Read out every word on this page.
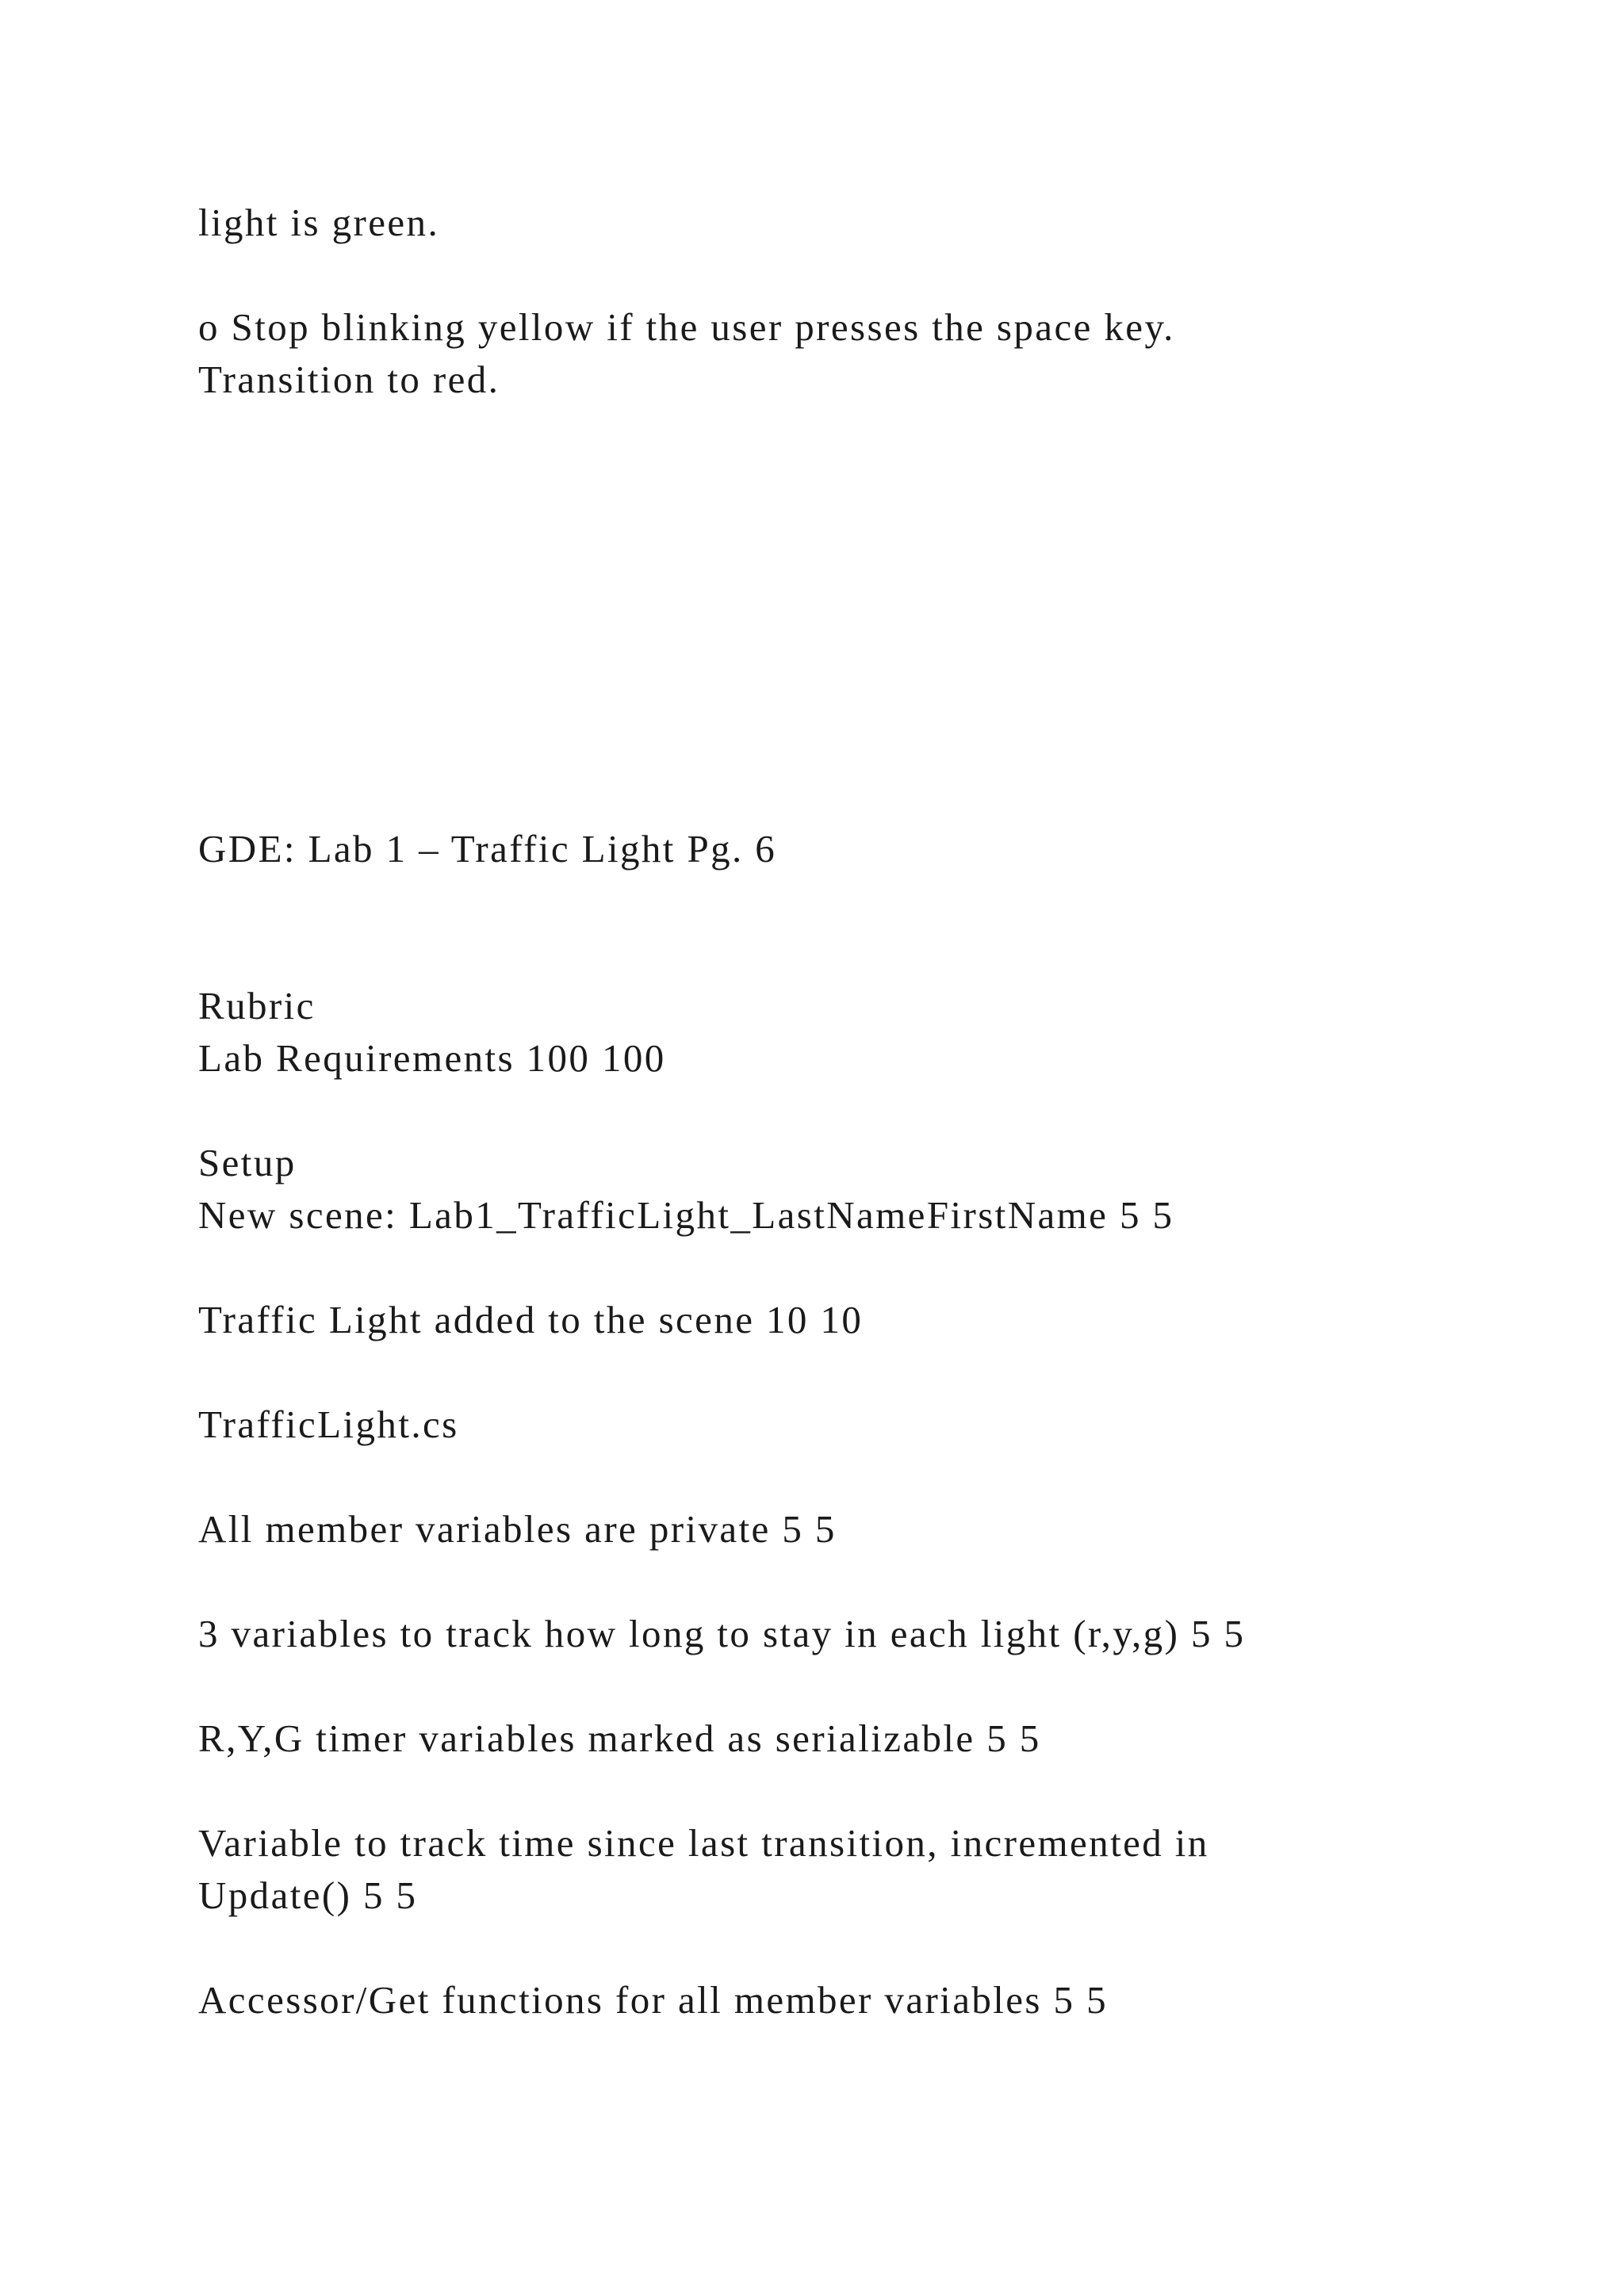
light is green.

o Stop blinking yellow if the user presses the space key.

Transition to red.

GDE: Lab 1 – Traffic Light Pg. 6

Rubric

Lab Requirements 100 100

Setup

New scene: Lab1_TrafficLight_LastNameFirstName 5 5

Traffic Light added to the scene 10 10

TrafficLight.cs

All member variables are private 5 5

3 variables to track how long to stay in each light (r,y,g) 5 5

R,Y,G timer variables marked as serializable 5 5

Variable to track time since last transition, incremented in

Update() 5 5

Accessor/Get functions for all member variables 5 5
